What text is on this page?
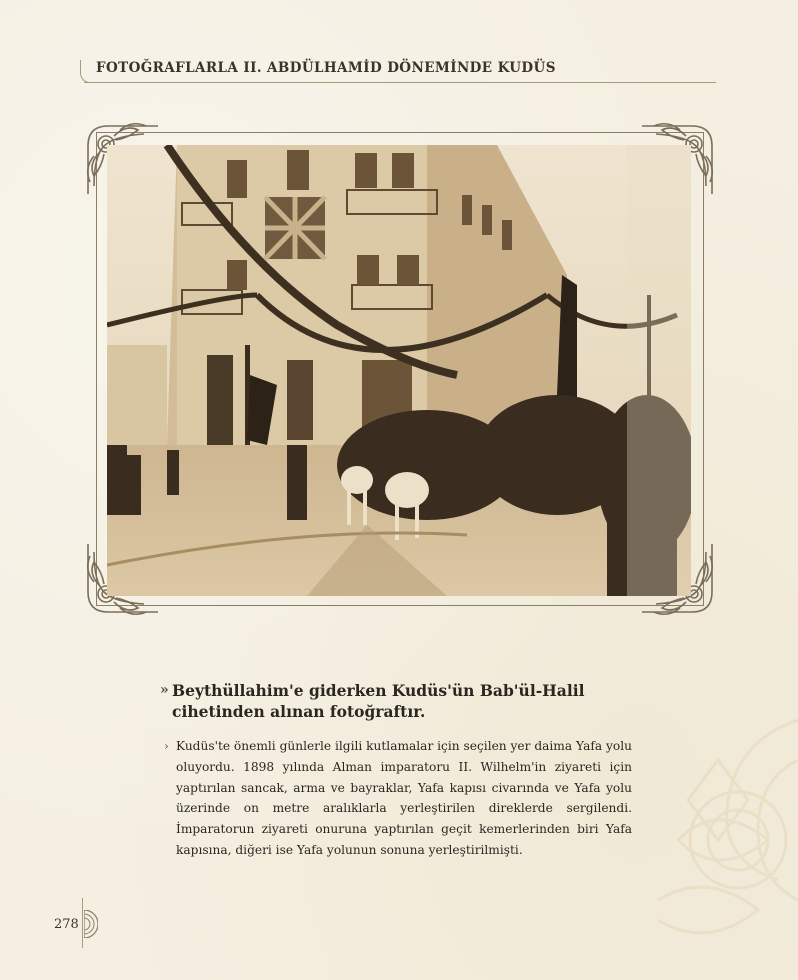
FOTOĞRAFLARLA II. ABDÜLHAMİD DÖNEMİNDE KUDÜS
» Beythüllahim'e giderken Kudüs'ün Bab'ül-Halil
cihetinden alınan fotoğraftır.
› Kudüs'te önemli günlerle ilgili kutlamalar için seçilen yer daima Yafa yolu oluyordu. 1898 yılında Alman imparatoru II. Wilhelm'in ziyareti için yaptırılan sancak, arma ve bayraklar, Yafa kapısı civarında ve Yafa yolu üzerinde on metre aralıklarla yerleştirilen direklerde sergilendi. İmparatorun ziyareti onuruna yaptırılan geçit kemerlerinden biri Yafa kapısına, diğeri ise Yafa yolunun sonuna yerleştirilmişti.
278
